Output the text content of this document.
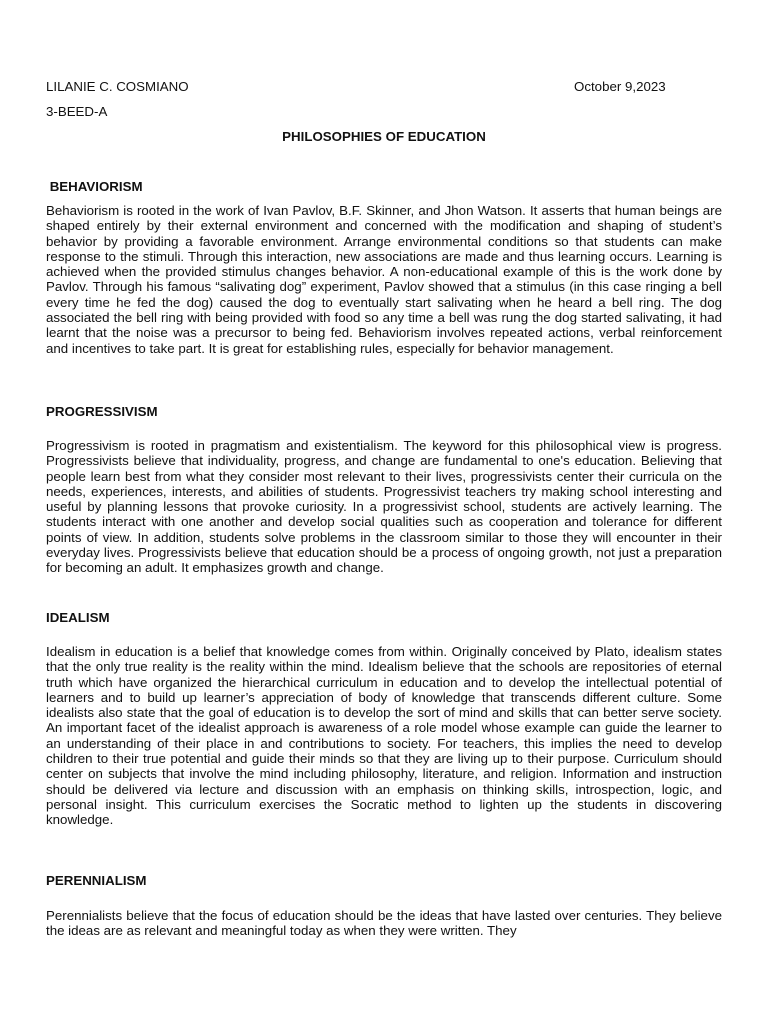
LILANIE C. COSMIANO	October 9,2023
3-BEED-A
PHILOSOPHIES OF EDUCATION
BEHAVIORISM

Behaviorism is rooted in the work of Ivan Pavlov, B.F. Skinner, and Jhon Watson. It asserts that human beings are shaped entirely by their external environment and concerned with the modification and shaping of student’s behavior by providing a favorable environment. Arrange environmental conditions so that students can make response to the stimuli. Through this interaction, new associations are made and thus learning occurs. Learning is achieved when the provided stimulus changes behavior. A non-educational example of this is the work done by Pavlov. Through his famous “salivating dog” experiment, Pavlov showed that a stimulus (in this case ringing a bell every time he fed the dog) caused the dog to eventually start salivating when he heard a bell ring. The dog associated the bell ring with being provided with food so any time a bell was rung the dog started salivating, it had learnt that the noise was a precursor to being fed. Behaviorism involves repeated actions, verbal reinforcement and incentives to take part. It is great for establishing rules, especially for behavior management.

PROGRESSIVISM

Progressivism is rooted in pragmatism and existentialism. The keyword for this philosophical view is progress. Progressivists believe that individuality, progress, and change are fundamental to one's education. Believing that people learn best from what they consider most relevant to their lives, progressivists center their curricula on the needs, experiences, interests, and abilities of students. Progressivist teachers try making school interesting and useful by planning lessons that provoke curiosity. In a progressivist school, students are actively learning. The students interact with one another and develop social qualities such as cooperation and tolerance for different points of view. In addition, students solve problems in the classroom similar to those they will encounter in their everyday lives. Progressivists believe that education should be a process of ongoing growth, not just a preparation for becoming an adult. It emphasizes growth and change.

IDEALISM

Idealism in education is a belief that knowledge comes from within. Originally conceived by Plato, idealism states that the only true reality is the reality within the mind. Idealism believe that the schools are repositories of eternal truth which have organized the hierarchical curriculum in education and to develop the intellectual potential of learners and to build up learner’s appreciation of body of knowledge that transcends different culture. Some idealists also state that the goal of education is to develop the sort of mind and skills that can better serve society. An important facet of the idealist approach is awareness of a role model whose example can guide the learner to an understanding of their place in and contributions to society. For teachers, this implies the need to develop children to their true potential and guide their minds so that they are living up to their purpose. Curriculum should center on subjects that involve the mind including philosophy, literature, and religion. Information and instruction should be delivered via lecture and discussion with an emphasis on thinking skills, introspection, logic, and personal insight. This curriculum exercises the Socratic method to lighten up the students in discovering knowledge.

PERENNIALISM

Perennialists believe that the focus of education should be the ideas that have lasted over centuries. They believe the ideas are as relevant and meaningful today as when they were written. They
